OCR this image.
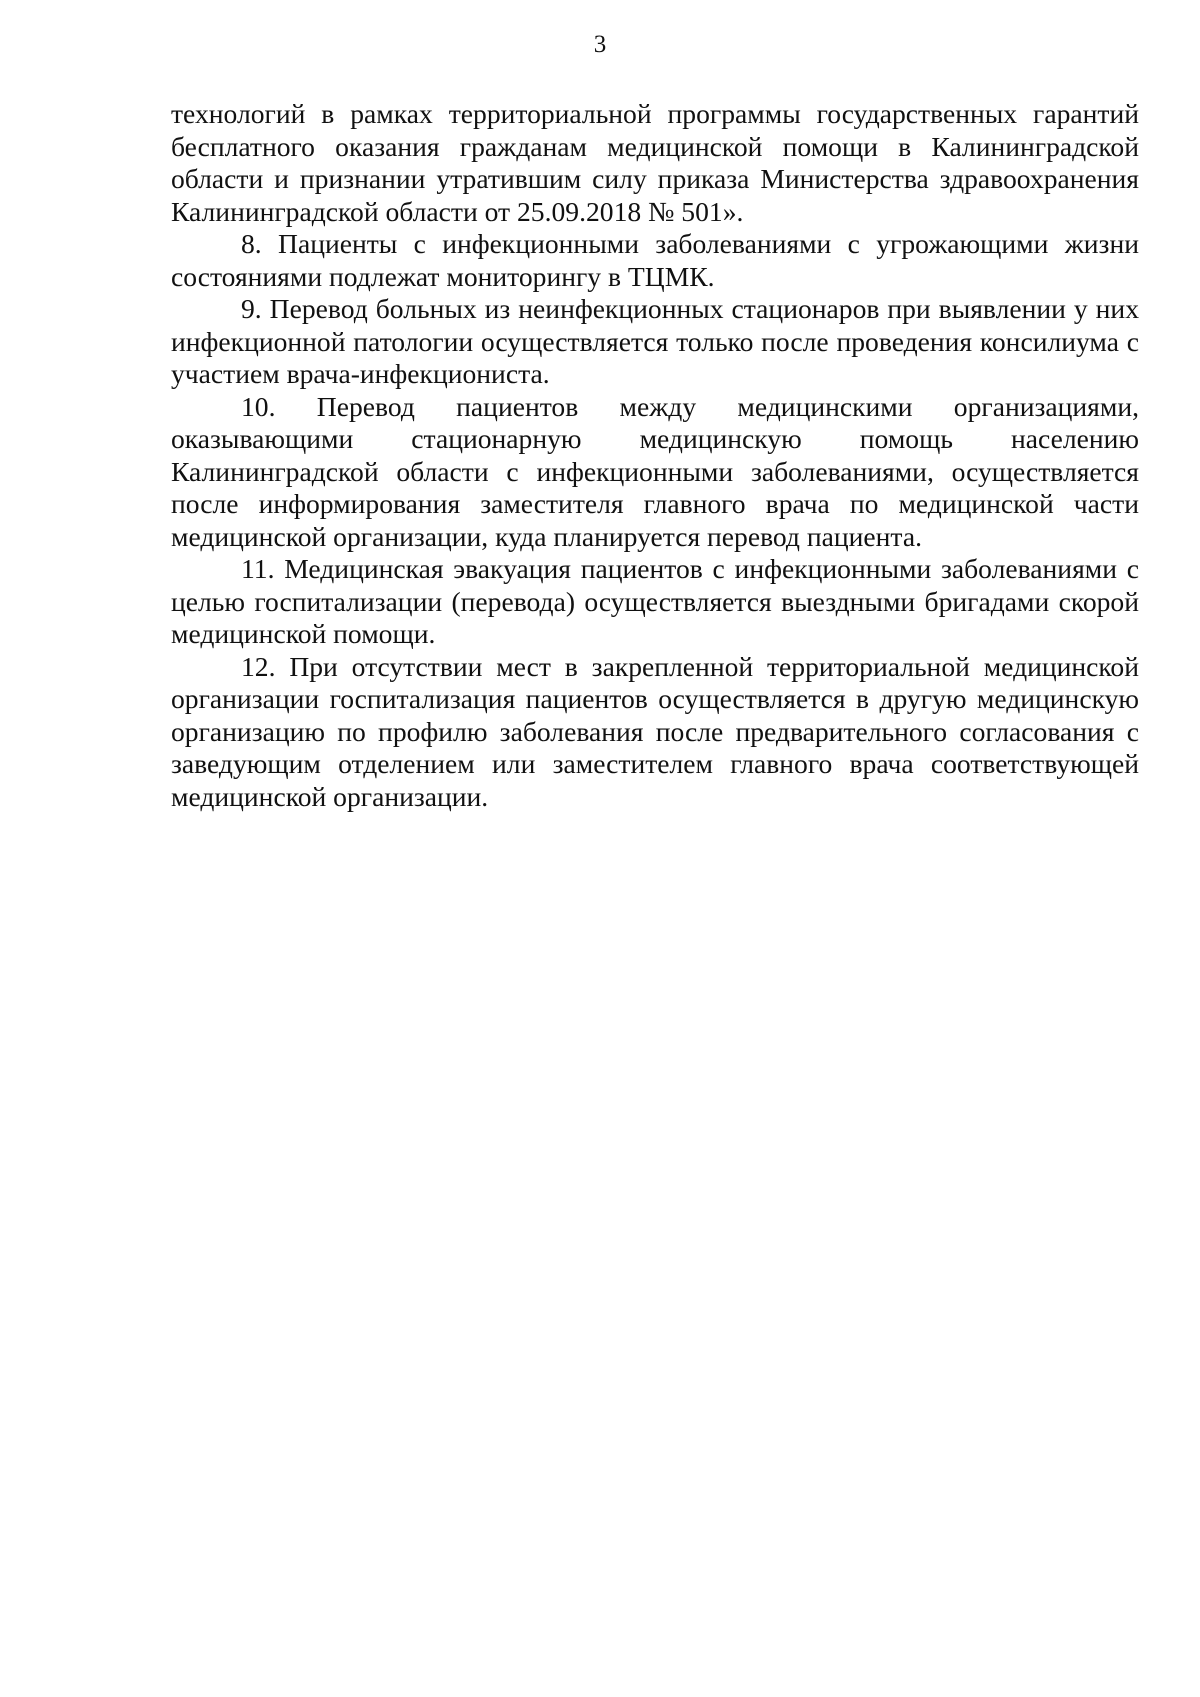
3

технологий в рамках территориальной программы государственных гарантий бесплатного оказания гражданам медицинской помощи в Калининградской области и признании утратившим силу приказа Министерства здравоохранения Калининградской области от 25.09.2018 № 501».

8. Пациенты с инфекционными заболеваниями с угрожающими жизни состояниями подлежат мониторингу в ТЦМК.

9. Перевод больных из неинфекционных стационаров при выявлении у них инфекционной патологии осуществляется только после проведения консилиума с участием врача-инфекциониста.

10. Перевод пациентов между медицинскими организациями, оказывающими стационарную медицинскую помощь населению Калининградской области с инфекционными заболеваниями, осуществляется после информирования заместителя главного врача по медицинской части медицинской организации, куда планируется перевод пациента.

11. Медицинская эвакуация пациентов с инфекционными заболеваниями с целью госпитализации (перевода) осуществляется выездными бригадами скорой медицинской помощи.

12. При отсутствии мест в закрепленной территориальной медицинской организации госпитализация пациентов осуществляется в другую медицинскую организацию по профилю заболевания после предварительного согласования с заведующим отделением или заместителем главного врача соответствующей медицинской организации.
